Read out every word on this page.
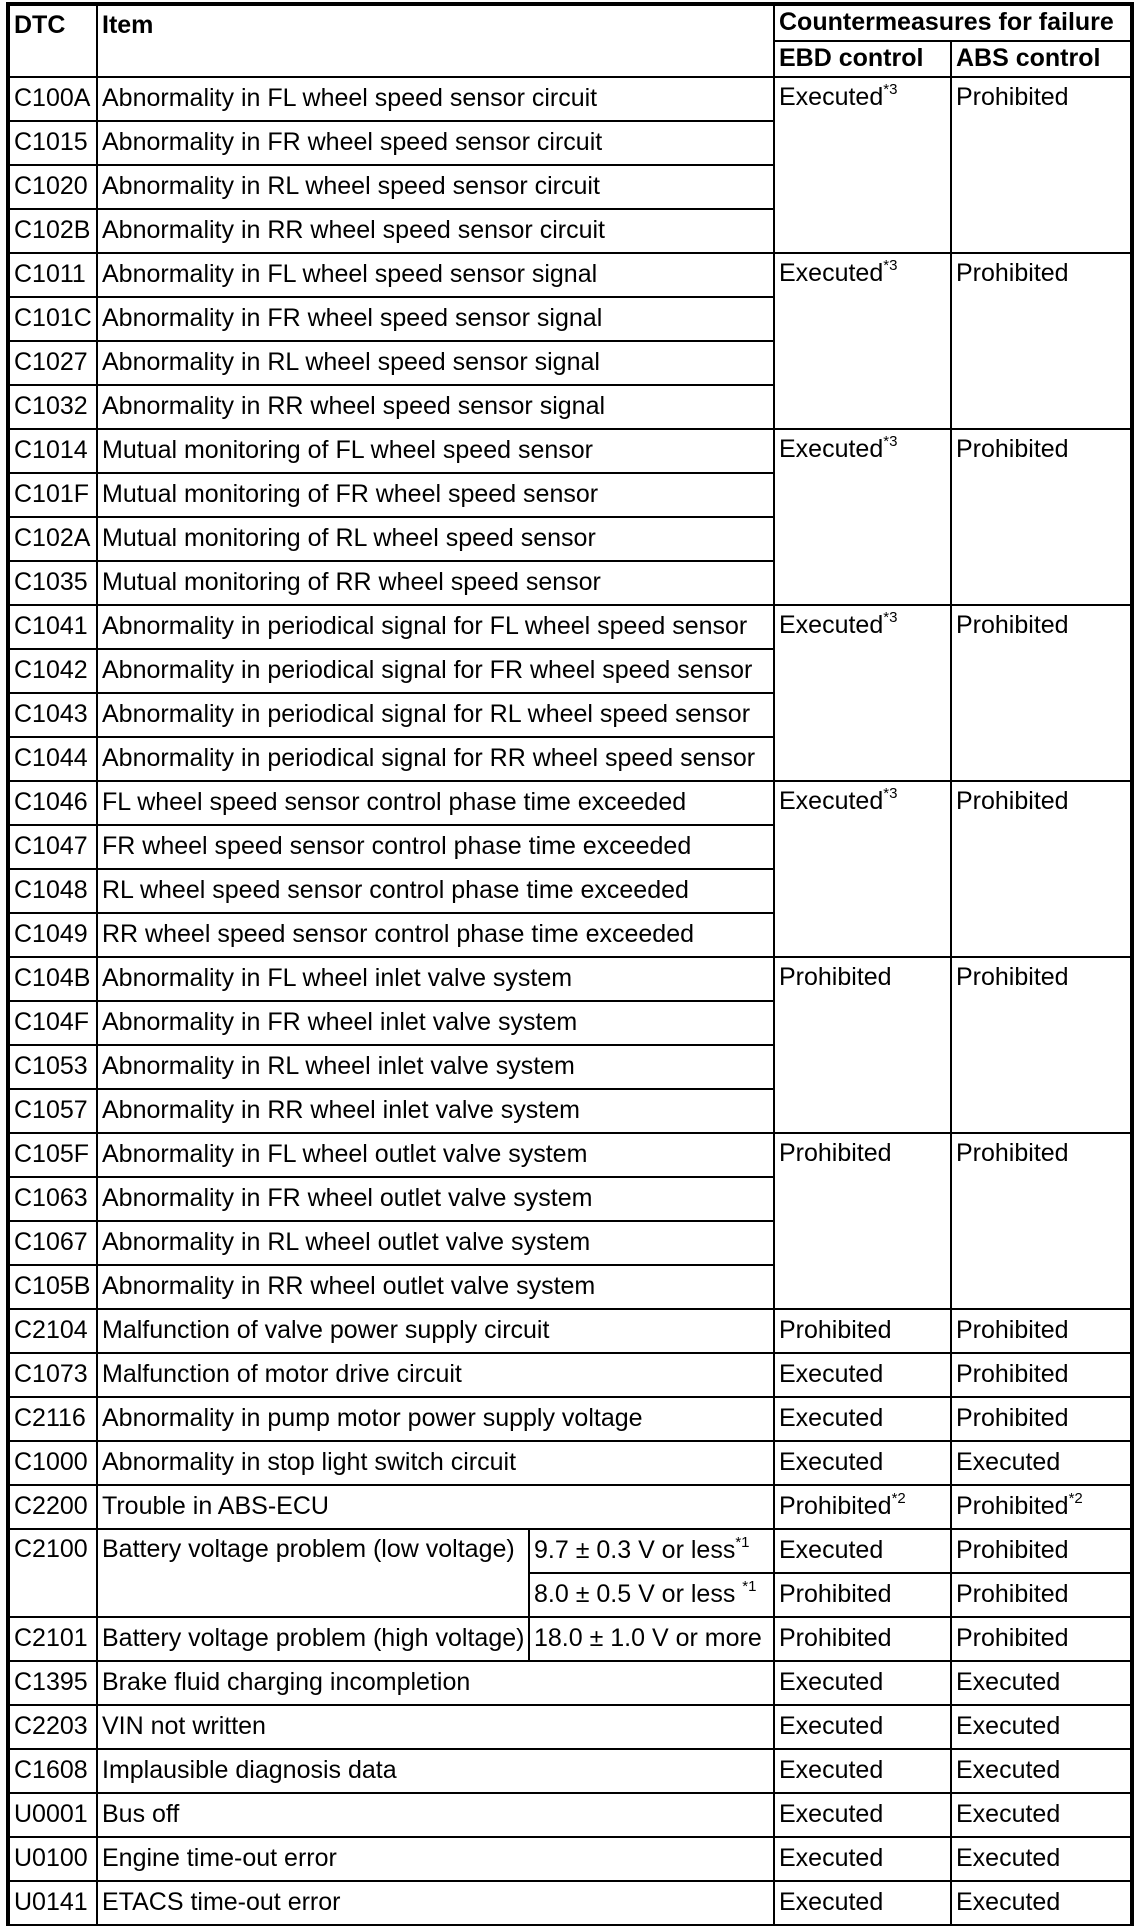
DTC	Item		Countermeasures for failure	
			EBD control	ABS control
C100A	Abnormality in FL wheel speed sensor circuit		Executed$^{*3}$	Prohibited
C1015	Abnormality in FR wheel speed sensor circuit			
C1020	Abnormality in RL wheel speed sensor circuit			
C102B	Abnormality in RR wheel speed sensor circuit			
C1011	Abnormality in FL wheel speed sensor signal		Executed$^{*3}$	Prohibited
C101C	Abnormality in FR wheel speed sensor signal			
C1027	Abnormality in RL wheel speed sensor signal			
C1032	Abnormality in RR wheel speed sensor signal			
C1014	Mutual monitoring of FL wheel speed sensor		Executed$^{*3}$	Prohibited
C101F	Mutual monitoring of FR wheel speed sensor			
C102A	Mutual monitoring of RL wheel speed sensor			
C1035	Mutual monitoring of RR wheel speed sensor			
C1041	Abnormality in periodical signal for FL wheel speed sensor		Executed$^{*3}$	Prohibited
C1042	Abnormality in periodical signal for FR wheel speed sensor			
C1043	Abnormality in periodical signal for RL wheel speed sensor			
C1044	Abnormality in periodical signal for RR wheel speed sensor			
C1046	FL wheel speed sensor control phase time exceeded		Executed$^{*3}$	Prohibited
C1047	FR wheel speed sensor control phase time exceeded			
C1048	RL wheel speed sensor control phase time exceeded			
C1049	RR wheel speed sensor control phase time exceeded			
C104B	Abnormality in FL wheel inlet valve system		Prohibited	Prohibited
C104F	Abnormality in FR wheel inlet valve system			
C1053	Abnormality in RL wheel inlet valve system			
C1057	Abnormality in RR wheel inlet valve system			
C105F	Abnormality in FL wheel outlet valve system		Prohibited	Prohibited
C1063	Abnormality in FR wheel outlet valve system			
C1067	Abnormality in RL wheel outlet valve system			
C105B	Abnormality in RR wheel outlet valve system			
C2104	Malfunction of valve power supply circuit		Prohibited	Prohibited
C1073	Malfunction of motor drive circuit		Executed	Prohibited
C2116	Abnormality in pump motor power supply voltage		Executed	Prohibited
C1000	Abnormality in stop light switch circuit		Executed	Executed
C2200	Trouble in ABS-ECU		Prohibited$^{*2}$	Prohibited$^{*2}$
C2100	Battery voltage problem (low voltage)	9.7 ± 0.3 V or less$^{*1}$	Executed	Prohibited
		8.0 ± 0.5 V or less $^{*1}$	Prohibited	Prohibited
C2101	Battery voltage problem (high voltage)	18.0 ± 1.0 V or more	Prohibited	Prohibited
C1395	Brake fluid charging incompletion		Executed	Executed
C2203	VIN not written		Executed	Executed
C1608	Implausible diagnosis data		Executed	Executed
U0001	Bus off		Executed	Executed
U0100	Engine time-out error		Executed	Executed
U0141	ETACS time-out error		Executed	Executed
